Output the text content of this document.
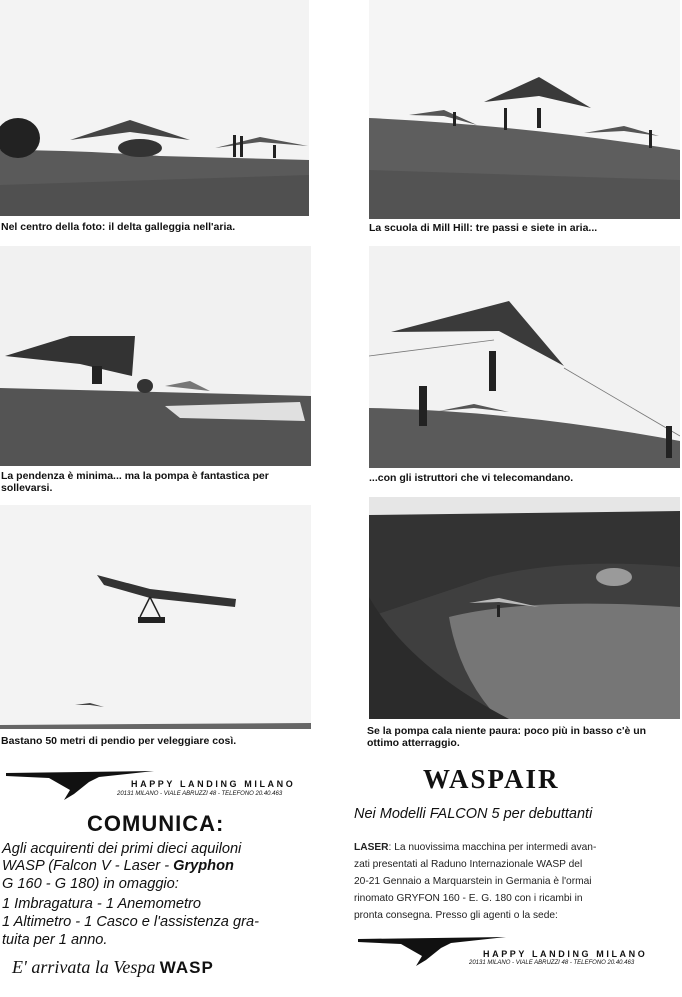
Nel centro della foto: il delta galleggia nell'aria.	La scuola di Mill Hill: tre passi e siete in aria...
La pendenza è minima... ma la pompa è fantastica per
sollevarsi.
...con gli istruttori che vi telecomandano.
Bastano 50 metri di pendio per veleggiare così.
Se la pompa cala niente paura: poco più in basso c'è un
ottimo atterraggio.
HAPPY LANDING MILANO
20131 MILANO - VIALE ABRUZZI 48 - TELEFONO 20.40.463
COMUNICA:
Agli acquirenti dei primi dieci aquiloni
WASP (Falcon V - Laser - Gryphon
G 160 - G 180) in omaggio:
1 Imbragatura - 1 Anemometro
1 Altimetro - 1 Casco e l'assistenza gra-
tuita per 1 anno.
E' arrivata la Vespa WASP
WASPAIR
Nei Modelli FALCON 5 per debuttanti
LASER: La nuovissima macchina per intermedi avan-
zati presentati al Raduno Internazionale WASP del
20-21 Gennaio a Marquarstein in Germania è l'ormai
rinomato GRYFON 160 - E. G. 180 con i ricambi in
pronta consegna. Presso gli agenti o la sede:
HAPPY LANDING MILANO
20131 MILANO - VIALE ABRUZZI 48 - TELEFONO 20.40.463
